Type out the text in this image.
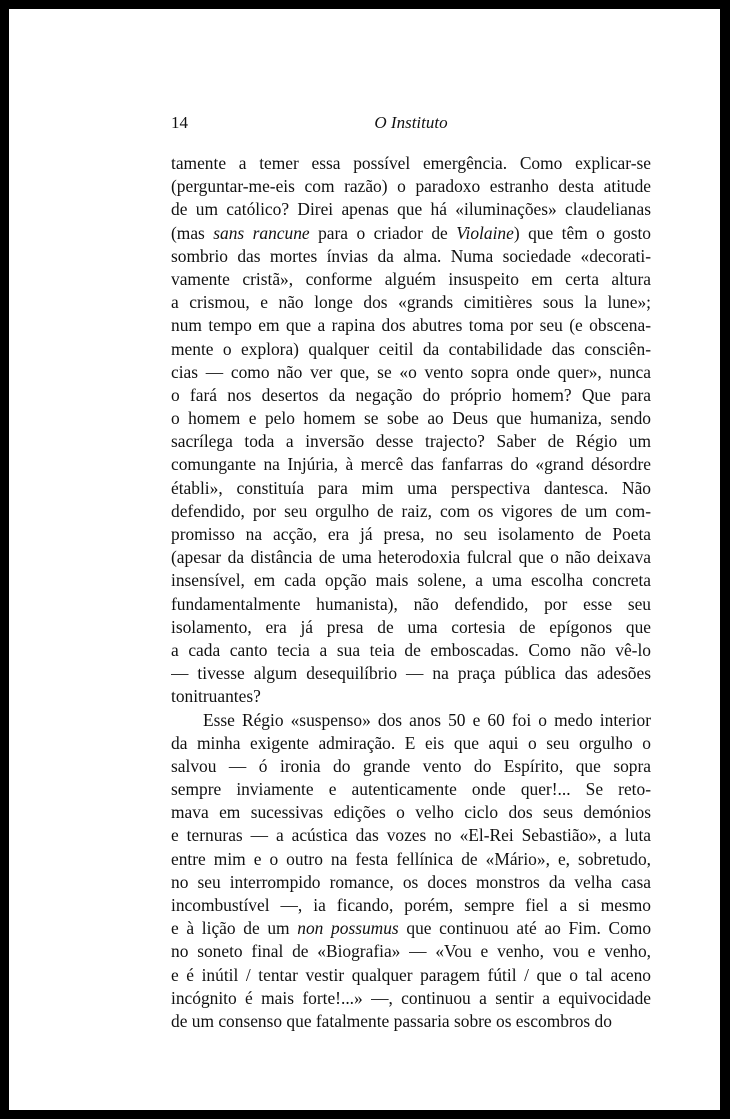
14	O Instituto
tamente a temer essa possível emergência. Como explicar-se
(perguntar-me-eis com razão) o paradoxo estranho desta atitude
de um católico? Direi apenas que há «iluminações» claudelianas
(mas sans rancune para o criador de Violaine) que têm o gosto
sombrio das mortes ínvias da alma. Numa sociedade «decorati-
vamente cristã», conforme alguém insuspeito em certa altura
a crismou, e não longe dos «grands cimitières sous la lune»;
num tempo em que a rapina dos abutres toma por seu (e obscena-
mente o explora) qualquer ceitil da contabilidade das consciên-
cias — como não ver que, se «o vento sopra onde quer», nunca
o fará nos desertos da negação do próprio homem? Que para
o homem e pelo homem se sobe ao Deus que humaniza, sendo
sacrílega toda a inversão desse trajecto? Saber de Régio um
comungante na Injúria, à mercê das fanfarras do «grand désordre
établi», constituía para mim uma perspectiva dantesca. Não
defendido, por seu orgulho de raiz, com os vigores de um com-
promisso na acção, era já presa, no seu isolamento de Poeta
(apesar da distância de uma heterodoxia fulcral que o não deixava
insensível, em cada opção mais solene, a uma escolha concreta
fundamentalmente humanista), não defendido, por esse seu
isolamento, era já presa de uma cortesia de epígonos que
a cada canto tecia a sua teia de emboscadas. Como não vê-lo
— tivesse algum desequilíbrio — na praça pública das adesões
tonitruantes?
Esse Régio «suspenso» dos anos 50 e 60 foi o medo interior
da minha exigente admiração. E eis que aqui o seu orgulho o
salvou — ó ironia do grande vento do Espírito, que sopra
sempre inviamente e autenticamente onde quer!... Se reto-
mava em sucessivas edições o velho ciclo dos seus demónios
e ternuras — a acústica das vozes no «El-Rei Sebastião», a luta
entre mim e o outro na festa fellínica de «Mário», e, sobretudo,
no seu interrompido romance, os doces monstros da velha casa
incombustível —, ia ficando, porém, sempre fiel a si mesmo
e à lição de um non possumus que continuou até ao Fim. Como
no soneto final de «Biografia» — «Vou e venho, vou e venho,
e é inútil / tentar vestir qualquer paragem fútil / que o tal aceno
incógnito é mais forte!...» —, continuou a sentir a equivocidade
de um consenso que fatalmente passaria sobre os escombros do
